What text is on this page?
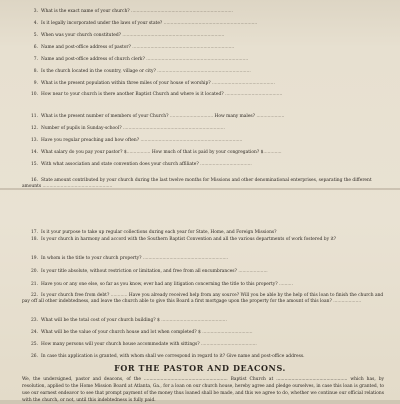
3. What is the exact name of your church? .........................................................................
4. Is it legally incorporated under the laws of your state? ...................................................................
5. When was your church constituted? .........................................................................
6. Name and post-office address of pastor? .........................................................................
7. Name and post-office address of church clerk? .........................................................................
8. Is the church located in the country, village or city? ...................................................................
9. What is the present population within three miles of your house of worship? .............................................
10. How near to your church is there another Baptist Church and where is it located? .........................................
11. What is the present number of members of your Church? ............................... How many males? ....................
12. Number of pupils in Sunday-school? .........................................................................
13. Have you regular preaching and how often? .........................................................................
14. What salary do you pay your pastor? $................. How much of that is paid by your congregation? $.............
15. With what association and state convention does your church affiliate? .....................................
16. State amount contributed by your church during the last twelve months for Missions and other denominational enterprises, separating the different amounts ..................................................
17. Is it your purpose to take up regular collections during each year for State, Home, and Foreign Missions?
18. Is your church in harmony and accord with the Southern Baptist Convention and all the various departments of work fostered by it?
19. In whom is the title to your church property? .............................................................
20. Is your title absolute, without restriction or limitation, and free from all encumbrances? .....................
21. Have you or any one else, so far as you know, ever had any litigation concerning the title to this property? ..........
22. Is your church free from debt? ............ Have you already received help from any source? Will you be able by the help of this loan to finish the church and pay off all other indebtedness, and leave the church able to give this Board a first mortgage upon the property for the amount of this loan? ....................
23. What will be the total cost of your church building? $ ...............................................
24. What will be the value of your church house and lot when completed? $ ....................................
25. How many persons will your church house accommodate with sittings? ........................................
26. In case this application is granted, with whom shall we correspond in regard to it? Give name and post-office address.
FOR THE PASTOR AND DEACONS.
We, the undersigned, pastor and deacons, of the ............................................................ Baptist Church at ................................................... which has, by resolution, applied to the Home Mission Board at Atlanta, Ga., for a loan on our church house, hereby agree and pledge ourselves, in case this loan is granted, to use our earnest endeavor to see that prompt payment of the money thus loaned shall be made, and this we agree to do, whether we continue our official relations with the church, or not, until this indebtedness is fully paid.
